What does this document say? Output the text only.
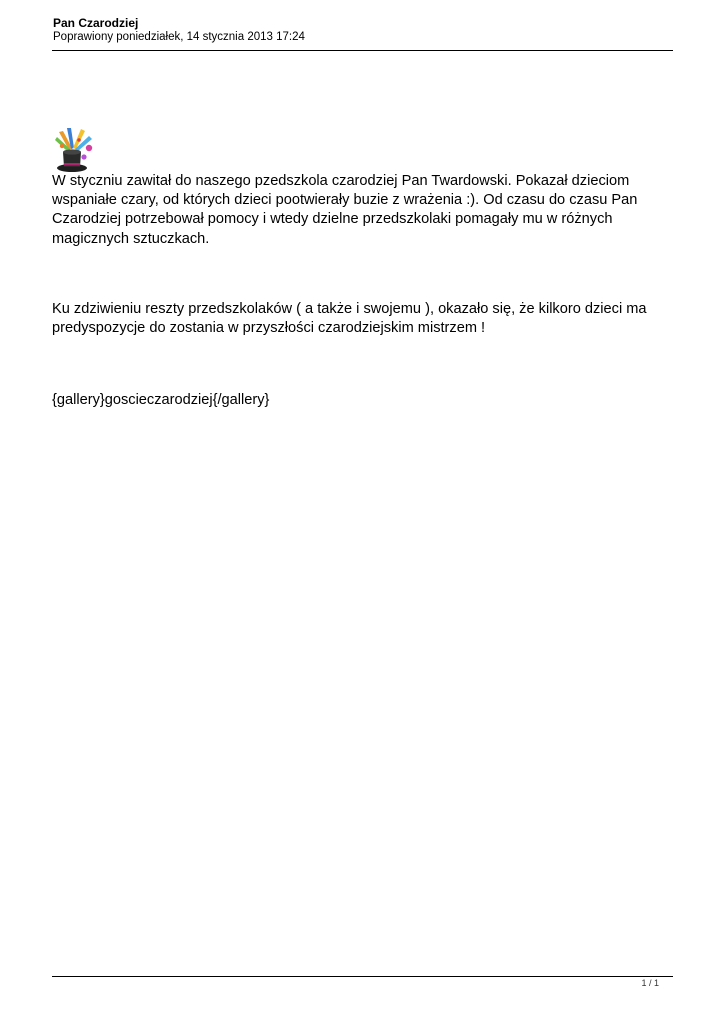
Pan Czarodziej

Poprawiony poniedziałek, 14 stycznia 2013 17:24

W styczniu zawitał do naszego pzedszkola czarodziej Pan Twardowski. Pokazał dzieciom wspaniałe czary, od których dzieci pootwierały buzie z wrażenia :). Od czasu do czasu Pan Czarodziej potrzebował pomocy i wtedy dzielne przedszkolaki pomagały mu w różnych magicznych sztuczkach.

Ku zdziwieniu reszty przedszkolaków ( a także i swojemu ), okazało się, że kilkoro dzieci ma predyspozycje do zostania w przyszłości czarodziejskim mistrzem !

{gallery}goscieczarodziej{/gallery}

1 / 1
